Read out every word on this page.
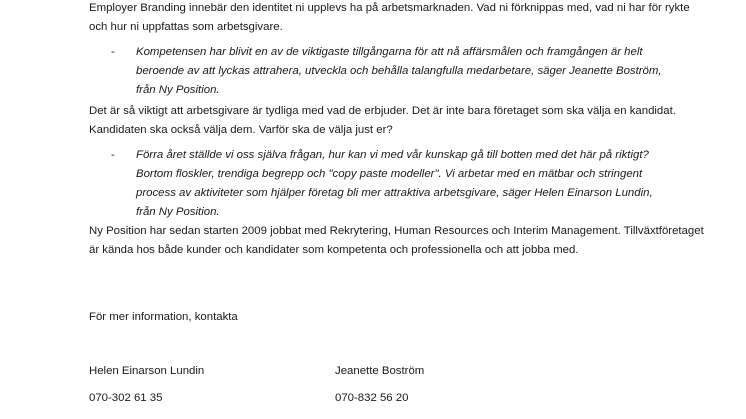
Employer Branding innebär den identitet ni upplevs ha på arbetsmarknaden. Vad ni förknippas med, vad ni har för rykte och hur ni uppfattas som arbetsgivare.

-	Kompetensen har blivit en av de viktigaste tillgångarna för att nå affärsmålen och framgången är helt beroende av att lyckas attrahera, utveckla och behålla talangfulla medarbetare, säger Jeanette Boström, från Ny Position.

Det är så viktigt att arbetsgivare är tydliga med vad de erbjuder. Det är inte bara företaget som ska välja en kandidat. Kandidaten ska också välja dem. Varför ska de välja just er?

-	Förra året ställde vi oss själva frågan, hur kan vi med vår kunskap gå till botten med det här på riktigt? Bortom floskler, trendiga begrepp och "copy paste modeller". Vi arbetar med en mätbar och stringent process av aktiviteter som hjälper företag bli mer attraktiva arbetsgivare, säger Helen Einarson Lundin, från Ny Position.

Ny Position har sedan starten 2009 jobbat med Rekrytering, Human Resources och Interim Management. Tillväxtföretaget är kända hos både kunder och kandidater som kompetenta och professionella och att jobba med.

För mer information, kontakta

Helen Einarson Lundin	Jeanette Boström

070-302 61 35	070-832 56 20
